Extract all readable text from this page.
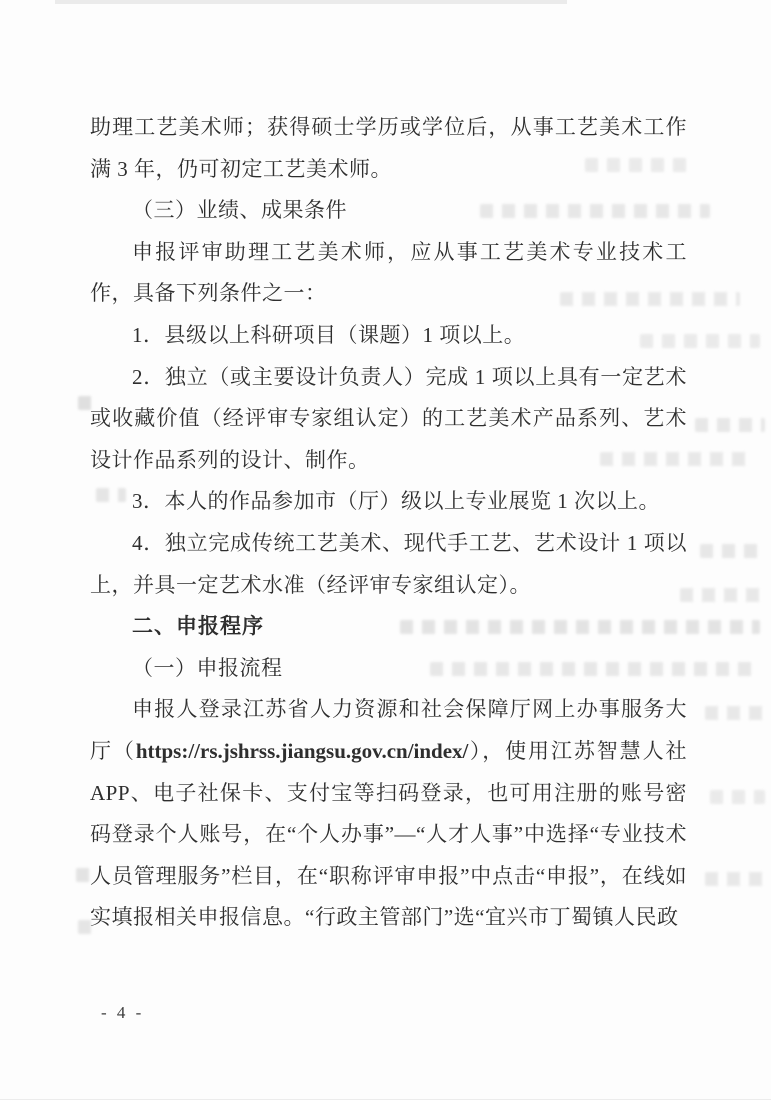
助理工艺美术师；获得硕士学历或学位后，从事工艺美术工作满 3 年，仍可初定工艺美术师。

（三）业绩、成果条件

申报评审助理工艺美术师，应从事工艺美术专业技术工作，具备下列条件之一：

1．县级以上科研项目（课题）1 项以上。

2．独立（或主要设计负责人）完成 1 项以上具有一定艺术或收藏价值（经评审专家组认定）的工艺美术产品系列、艺术设计作品系列的设计、制作。

3．本人的作品参加市（厅）级以上专业展览 1 次以上。

4．独立完成传统工艺美术、现代手工艺、艺术设计 1 项以上，并具一定艺术水准（经评审专家组认定）。

二、申报程序

（一）申报流程

申报人登录江苏省人力资源和社会保障厅网上办事服务大厅（https://rs.jshrss.jiangsu.gov.cn/index/），使用江苏智慧人社APP、电子社保卡、支付宝等扫码登录，也可用注册的账号密码登录个人账号，在“个人办事”—“人才人事”中选择“专业技术人员管理服务”栏目，在“职称评审申报”中点击“申报”，在线如实填报相关申报信息。“行政主管部门”选“宜兴市丁蜀镇人民政

- 4 -
